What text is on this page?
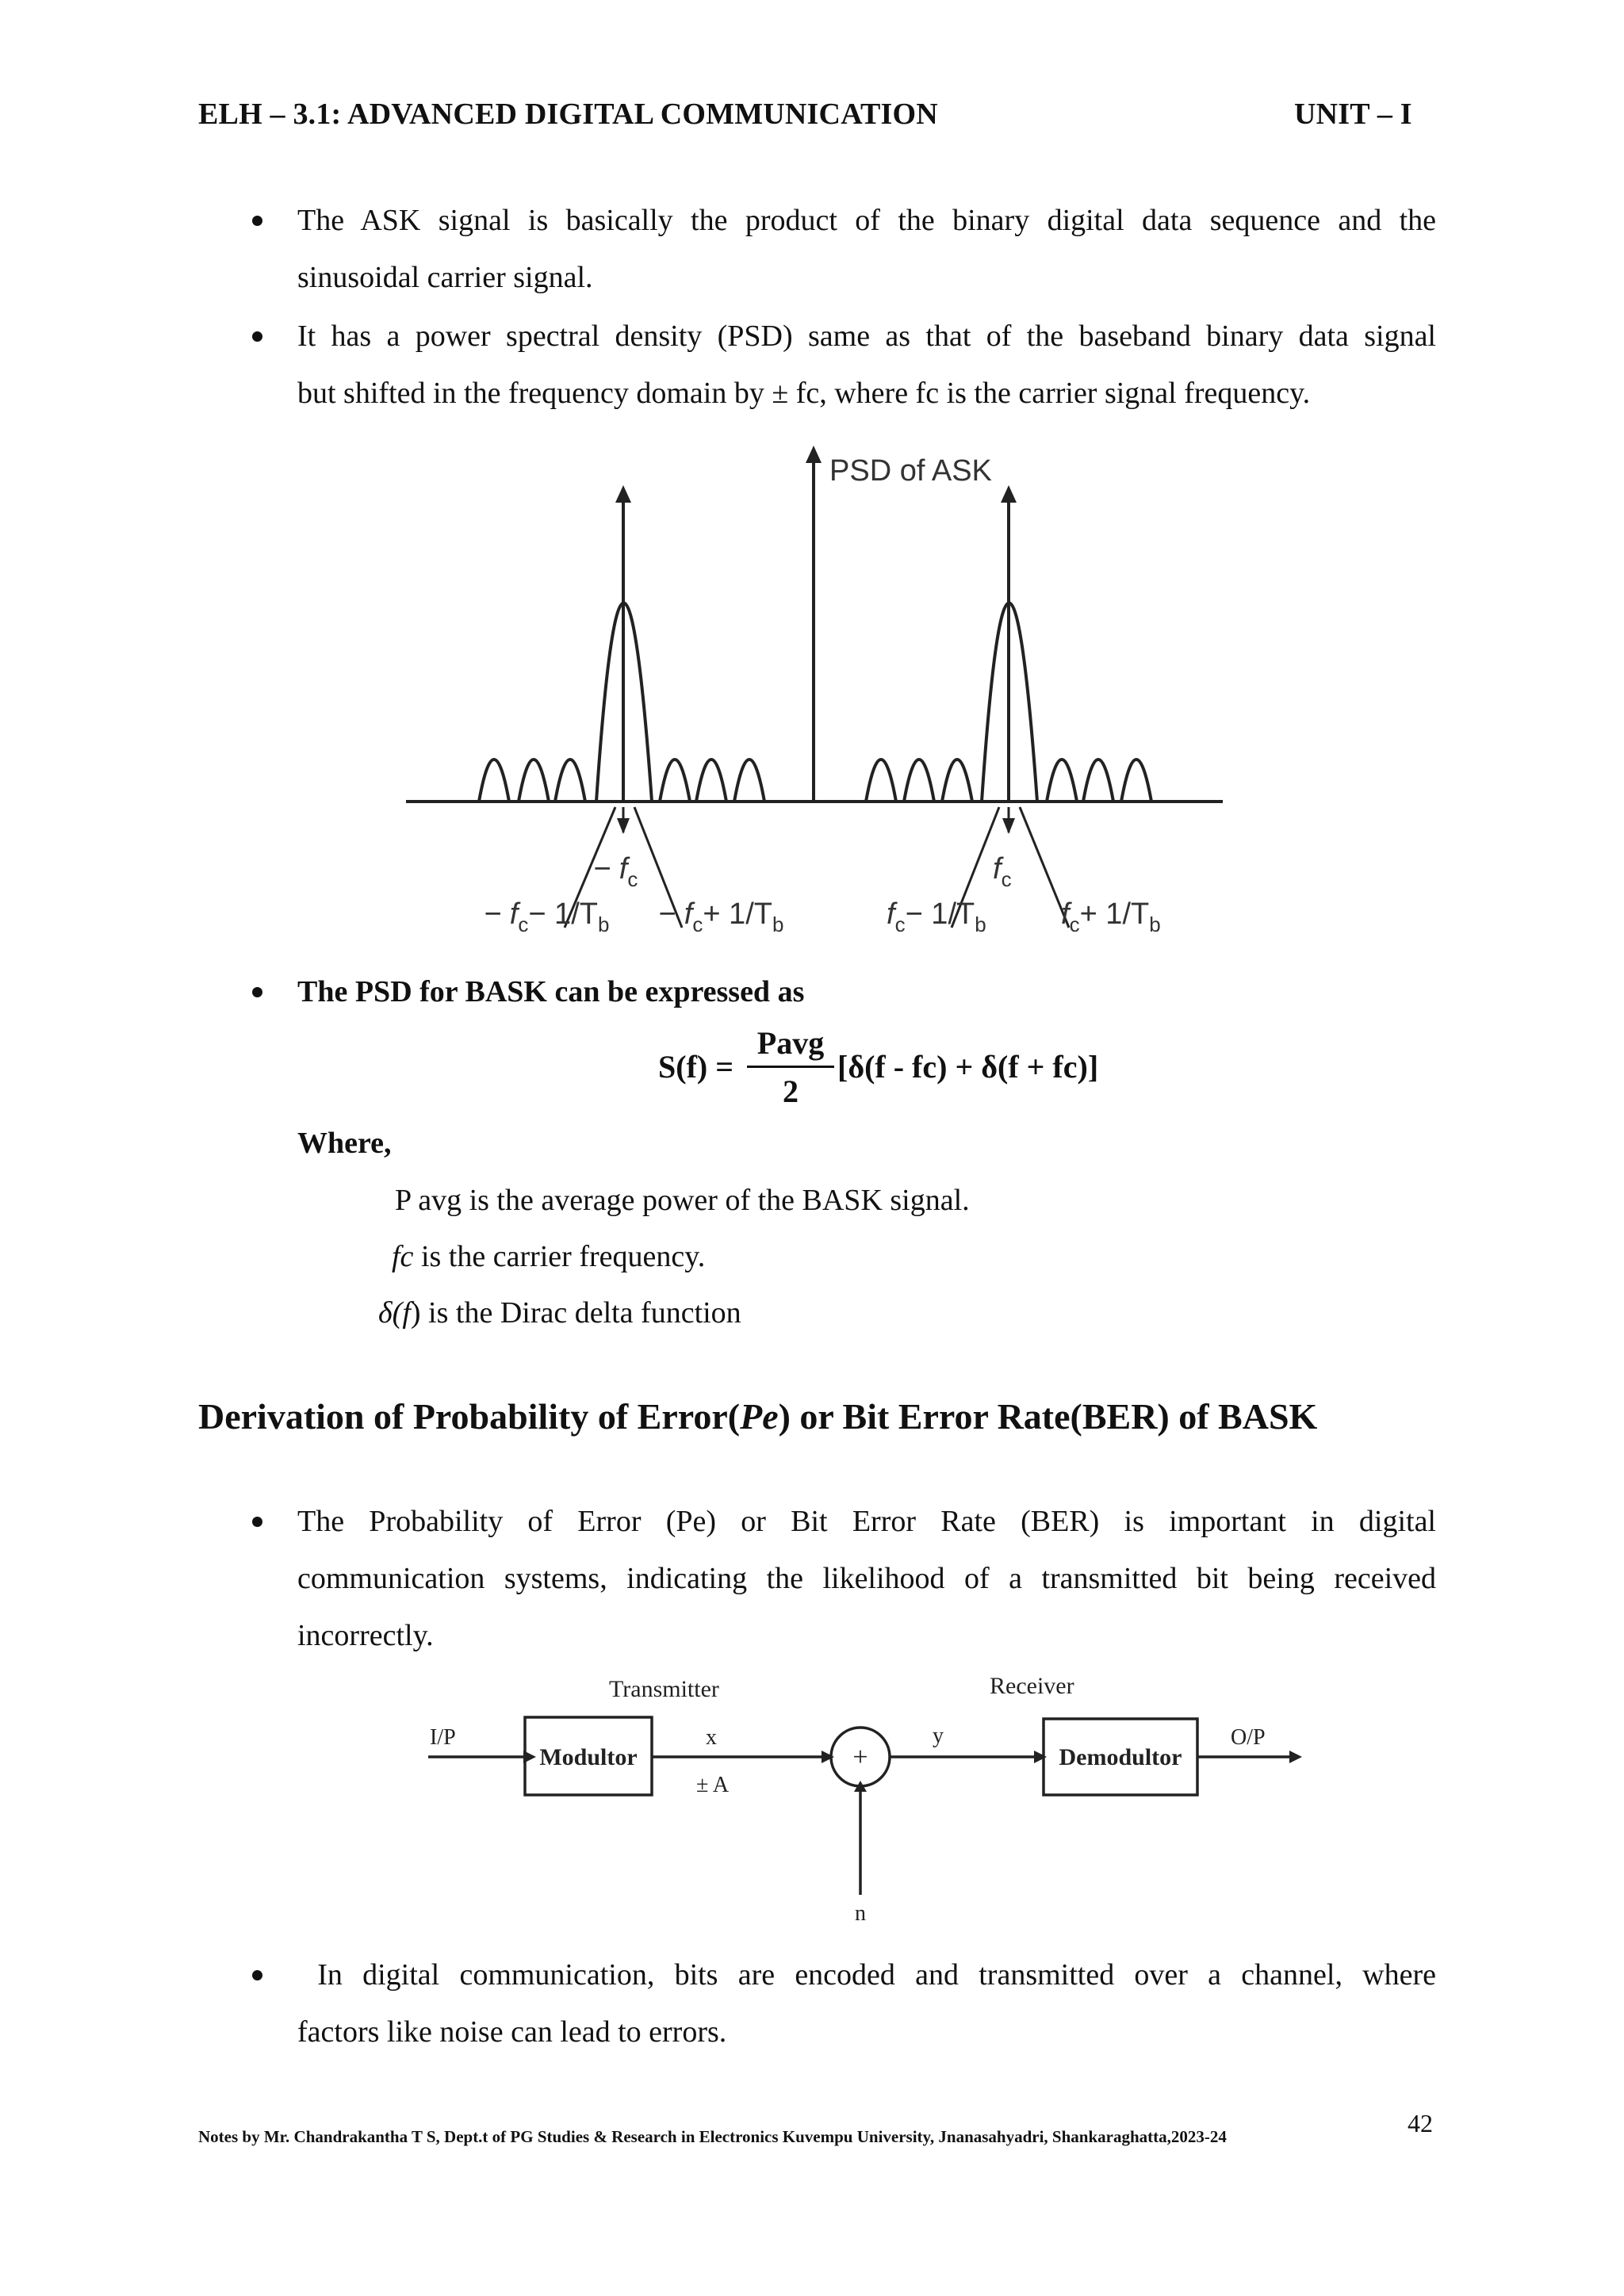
ELH – 3.1: ADVANCED DIGITAL COMMUNICATION	UNIT – I
The ASK signal is basically the product of the binary digital data sequence and the
sinusoidal carrier signal.
It has a power spectral density (PSD) same as that of the baseband binary data signal
but shifted in the frequency domain by ± fc, where fc is the carrier signal frequency.
PSD of ASK
− $f_c$
− $f_c- 1/T_b - f_c+ 1/T_b$
$f_c$
$f_c- 1/T_b$ $f_c+ 1/T_b$
The PSD for BASK can be expressed as
S(f) =
Pavg
2
[δ(f - fc) + δ(f + fc)]
Where,
P avg is the average power of the BASK signal.
fc is the carrier frequency.
δ(f) is the Dirac delta function
Derivation of Probability of Error(Pe) or Bit Error Rate(BER) of BASK
The Probability of Error (Pe) or Bit Error Rate (BER) is important in digital
communication systems, indicating the likelihood of a transmitted bit being received
incorrectly.
Transmitter	Receiver
I/P
Modultor
x
± A
+
y
Demodultor
O/P
n
In digital communication, bits are encoded and transmitted over a channel, where
factors like noise can lead to errors.
42
Notes by Mr. Chandrakantha T S, Dept.t of PG Studies & Research in Electronics Kuvempu University, Jnanasahyadri, Shankaraghatta,2023-24
